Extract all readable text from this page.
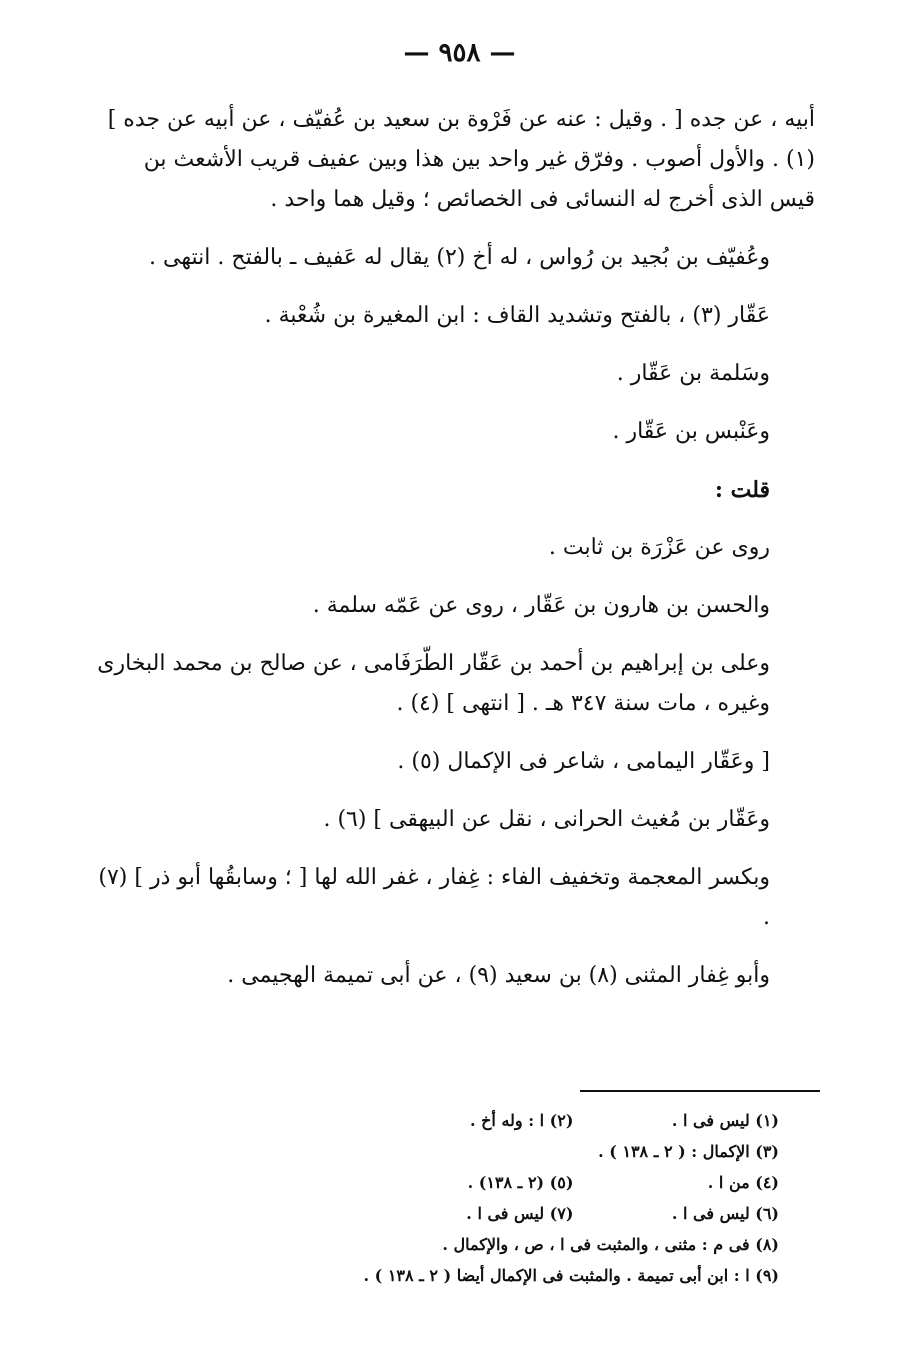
— ٩٥٨ —

أبيه ، عن جده [ . وقيل : عنه عن فَرْوة بن سعيد بن عُفيّف ، عن أبيه عن جده ] (١) . والأول أصوب . وفرّق غير واحد بين هذا وبين عفيف قريب الأشعث بن قيس الذى أخرج له النسائى فى الخصائص ؛ وقيل هما واحد .

وعُفيّف بن بُجيد بن رُواس ، له أخ (٢) يقال له عَفيف ـ بالفتح . انتهى .

عَقّار (٣) ، بالفتح وتشديد القاف : ابن المغيرة بن شُعْبة .

وسَلمة بن عَقّار .

وعَنْبس بن عَقّار .

قلت :

روى عن عَزْرَة بن ثابت .

والحسن بن هارون بن عَقّار ، روى عن عَمّه سلمة .

وعلى بن إبراهيم بن أحمد بن عَقّار الطّرَفَامى ، عن صالح بن محمد البخارى وغيره ، مات سنة ٣٤٧ هـ . [ انتهى ] (٤) .

[ وعَقّار اليمامى ، شاعر فى الإكمال (٥) .

وعَقّار بن مُغيث الحرانى ، نقل عن البيهقى ] (٦) .

وبكسر المعجمة وتخفيف الفاء : غِفار ، غفر الله لها [ ؛ وسابقُها أبو ذر ] (٧) .

وأبو غِفار المثنى (٨) بن سعيد (٩) ، عن أبى تميمة الهجيمى .

(١) ليس فى ا . (٢) ا : وله أخ .
(٣) الإكمال : ( ٢ ـ ١٣٨ ) .
(٤) من ا . (٥) (٢ ـ ١٣٨) .
(٦) ليس فى ا . (٧) ليس فى ا .
(٨) فى م : مثنى ، والمثبت فى ا ، ص ، والإكمال .
(٩) ا : ابن أبى تميمة . والمثبت فى الإكمال أيضا ( ٢ ـ ١٣٨ ) .
